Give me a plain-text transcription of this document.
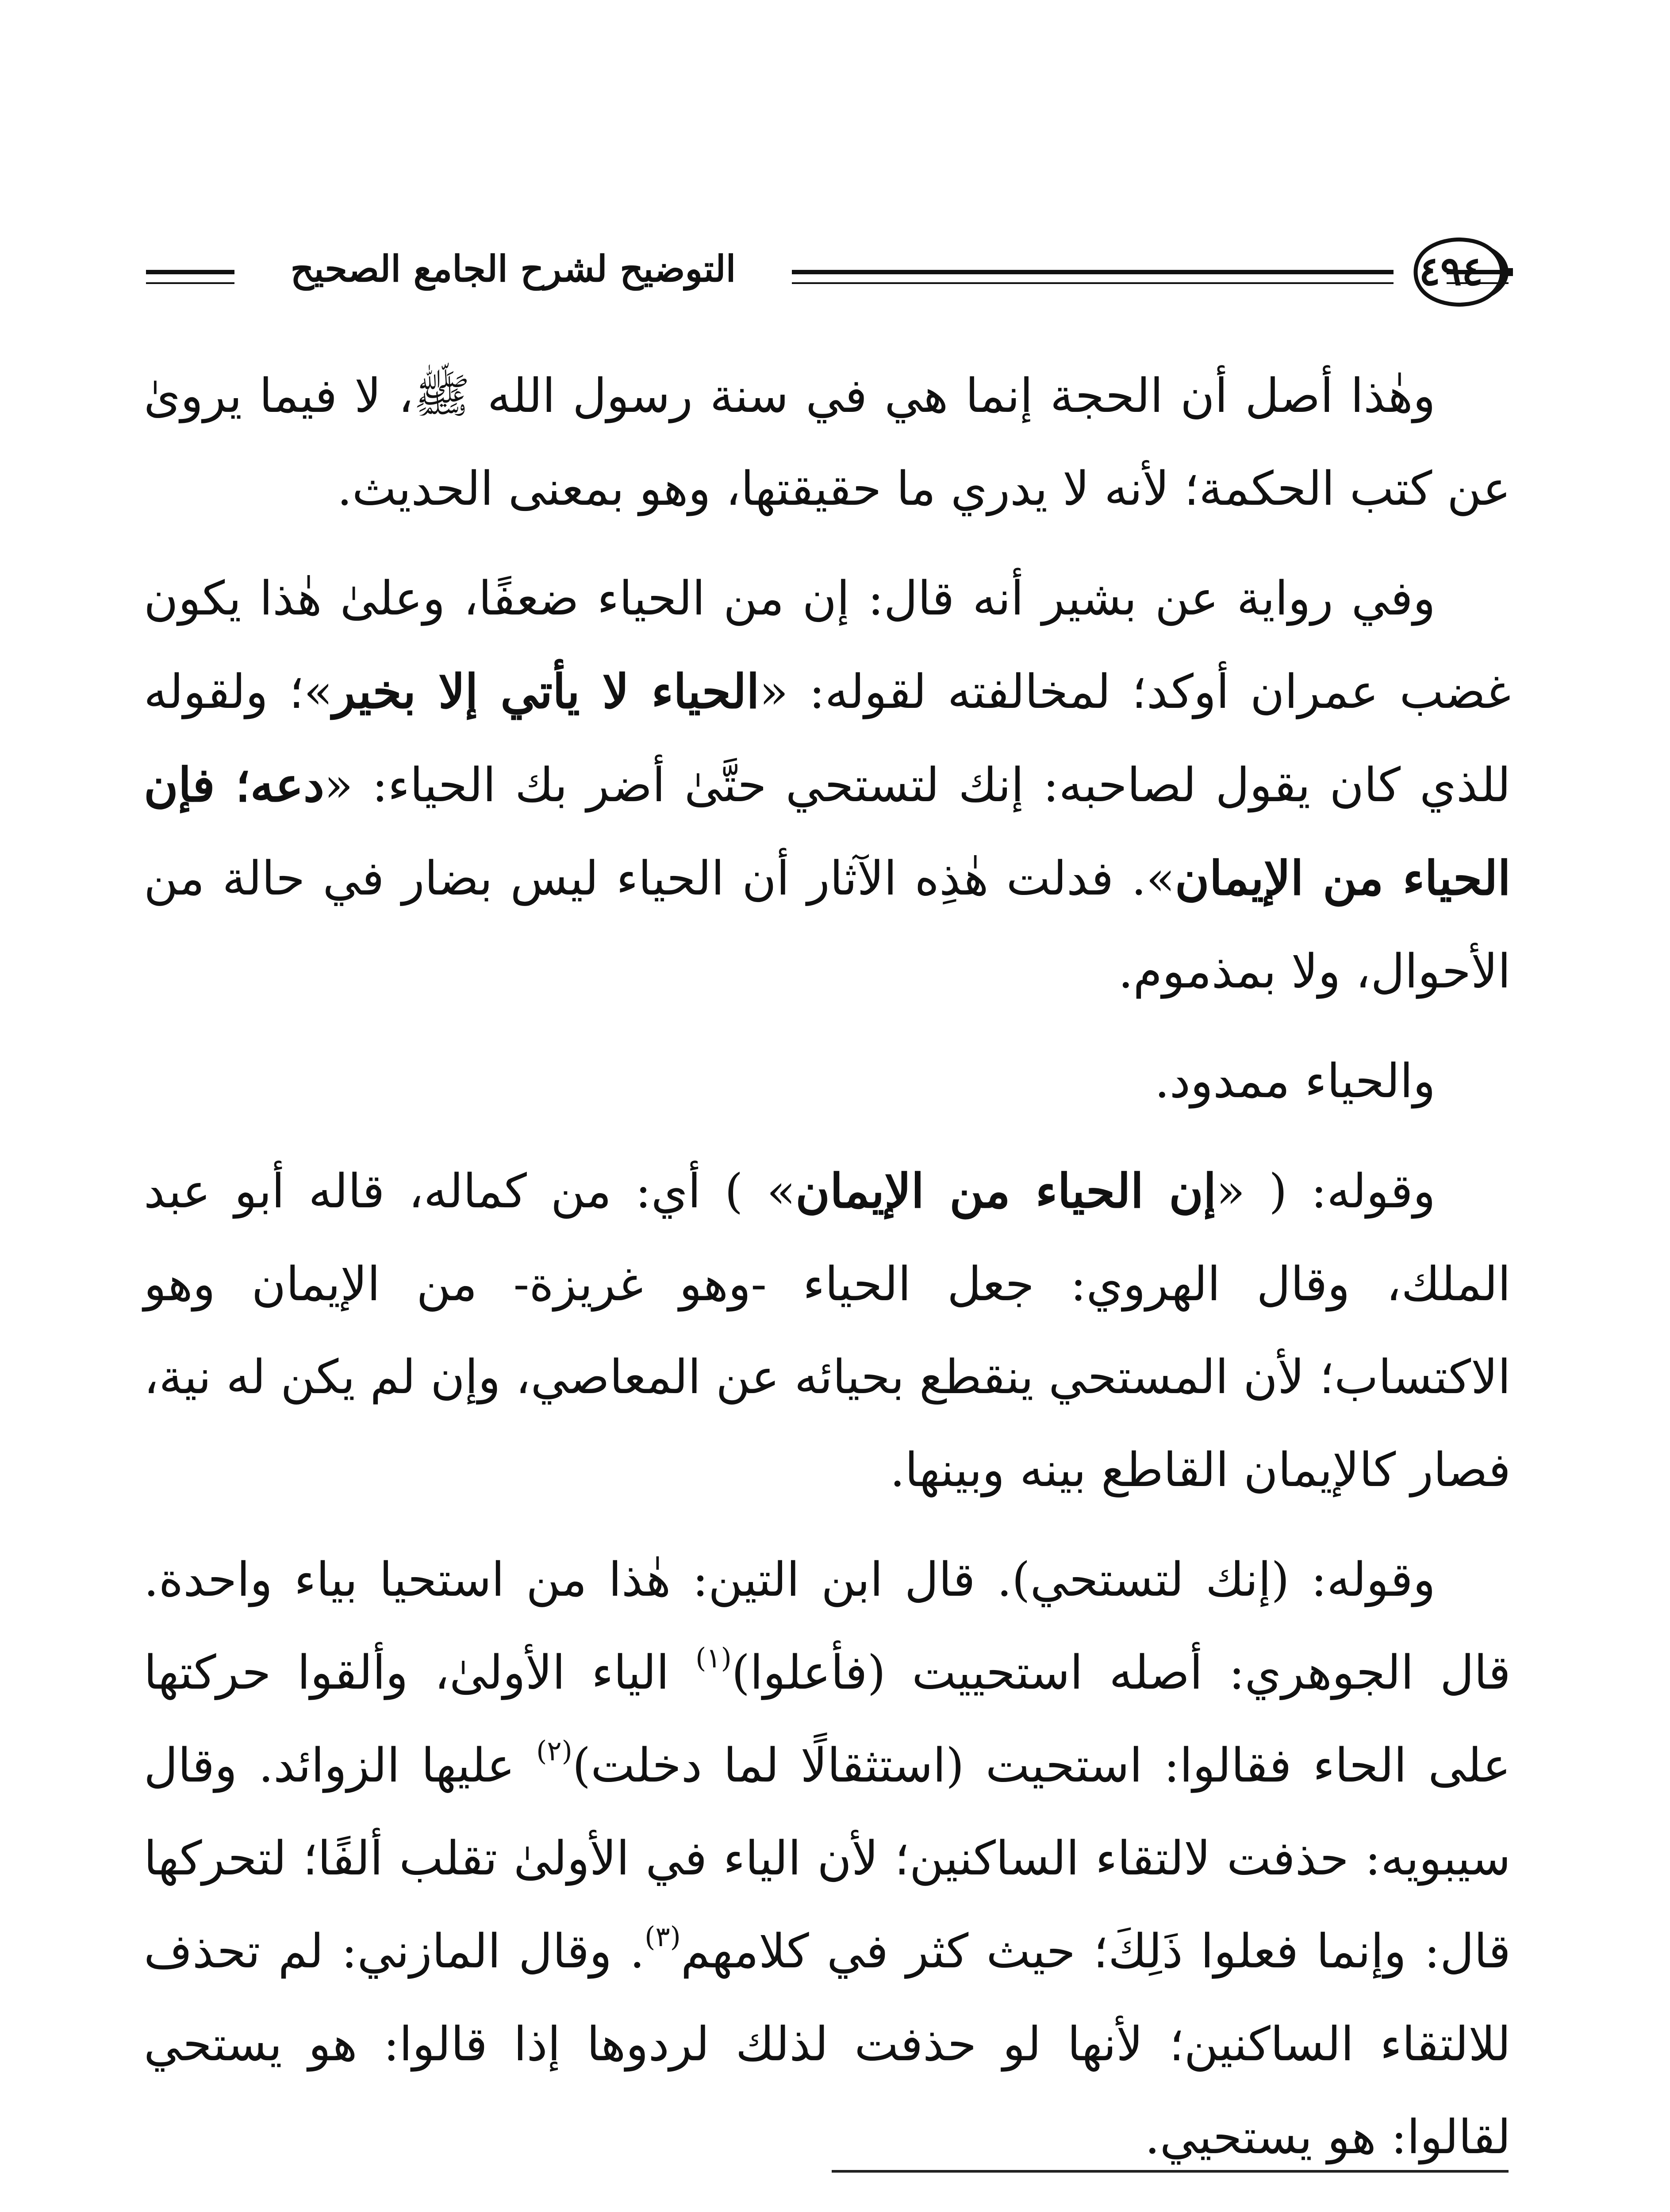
التوضيح لشرح الجامع الصحيح	٤٩٤

وهٰذا أصل أن الحجة إنما هي في سنة رسول الله ﷺ، لا فيما يروىٰ عن كتب الحكمة؛ لأنه لا يدري ما حقيقتها، وهو بمعنى الحديث.

وفي رواية عن بشير أنه قال: إن من الحياء ضعفًا، وعلىٰ هٰذا يكون غضب عمران أوكد؛ لمخالفته لقوله: «الحياء لا يأتي إلا بخير»؛ ولقوله للذي كان يقول لصاحبه: إنك لتستحي حتَّىٰ أضر بك الحياء: «دعه؛ فإن الحياء من الإيمان». فدلت هٰذِه الآثار أن الحياء ليس بضار في حالة من الأحوال، ولا بمذموم.

والحياء ممدود.

وقوله: ( «إن الحياء من الإيمان» ) أي: من كماله، قاله أبو عبد الملك، وقال الهروي: جعل الحياء -وهو غريزة- من الإيمان وهو الاكتساب؛ لأن المستحي ينقطع بحيائه عن المعاصي، وإن لم يكن له نية، فصار كالإيمان القاطع بينه وبينها.

وقوله: (إنك لتستحي). قال ابن التين: هٰذا من استحيا بياء واحدة. قال الجوهري: أصله استحييت (فأعلوا)$^{(١)}$ الياء الأولىٰ، وألقوا حركتها على الحاء فقالوا: استحيت (استثقالًا لما دخلت)$^{(٢)}$ عليها الزوائد. وقال سيبويه: حذفت لالتقاء الساكنين؛ لأن الياء في الأولىٰ تقلب ألفًا؛ لتحركها قال: وإنما فعلوا ذَلِكَ؛ حيث كثر في كلامهم$^{(٣)}$. وقال المازني: لم تحذف للالتقاء الساكنين؛ لأنها لو حذفت لذلك لردوها إذا قالوا: هو يستحي لقالوا: هو يستحيي.
